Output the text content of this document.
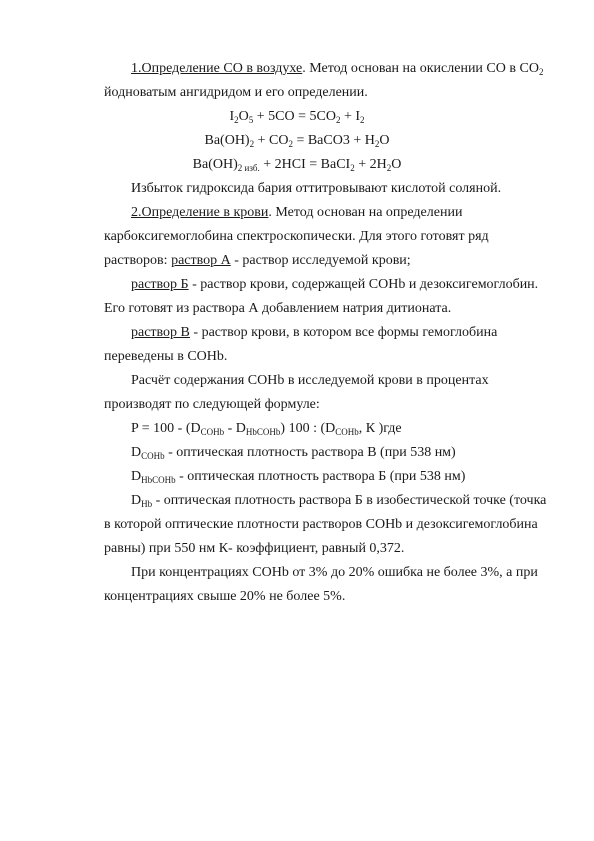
1.Определение СО в воздухе. Метод основан на окислении СО в $СО_2$
йодноватым ангидридом и его определении.
$I_2O_5 + 5CO = 5CO_2 + I_2$
$Ba(OH)_2 + CO_2$ = BaCO3 + $H_2O$
$Ba(OH)_{2 изб.} + 2HCI$ = BaCI$_2$ + $2H_2O$
Избыток гидроксида бария оттитровывают кислотой соляной.
2.Определение в крови. Метод основан на определении
карбоксигемоглобина спектроскопически. Для этого готовят ряд
растворов: раствор А - раствор исследуемой крови;
раствор Б - раствор крови, содержащей COHb и дезоксигемоглобин.
Его готовят из раствора А добавлением натрия дитионата.
раствор В - раствор крови, в котором все формы гемоглобина
переведены в COHb.
Расчёт содержания COHb в исследуемой крови в процентах
производят по следующей формуле:
$P = 100 - (D_{COHb} - D_{HbCOHb})$ 100 : ($D_{COHb}$, К )где
$D_{COHb}$ - оптическая плотность раствора В (при 538 нм)
$D_{HbCOHb}$ - оптическая плотность раствора Б (при 538 нм)
$D_{Hb}$ - оптическая плотность раствора Б в изобестической точке (точка
в которой оптические плотности растворов COHb и дезоксигемоглобина
равны) при 550 нм К- коэффициент, равный 0,372.
При концентрациях COHb от 3% до 20% ошибка не более 3%, а при
концентрациях свыше 20% не более 5%.
